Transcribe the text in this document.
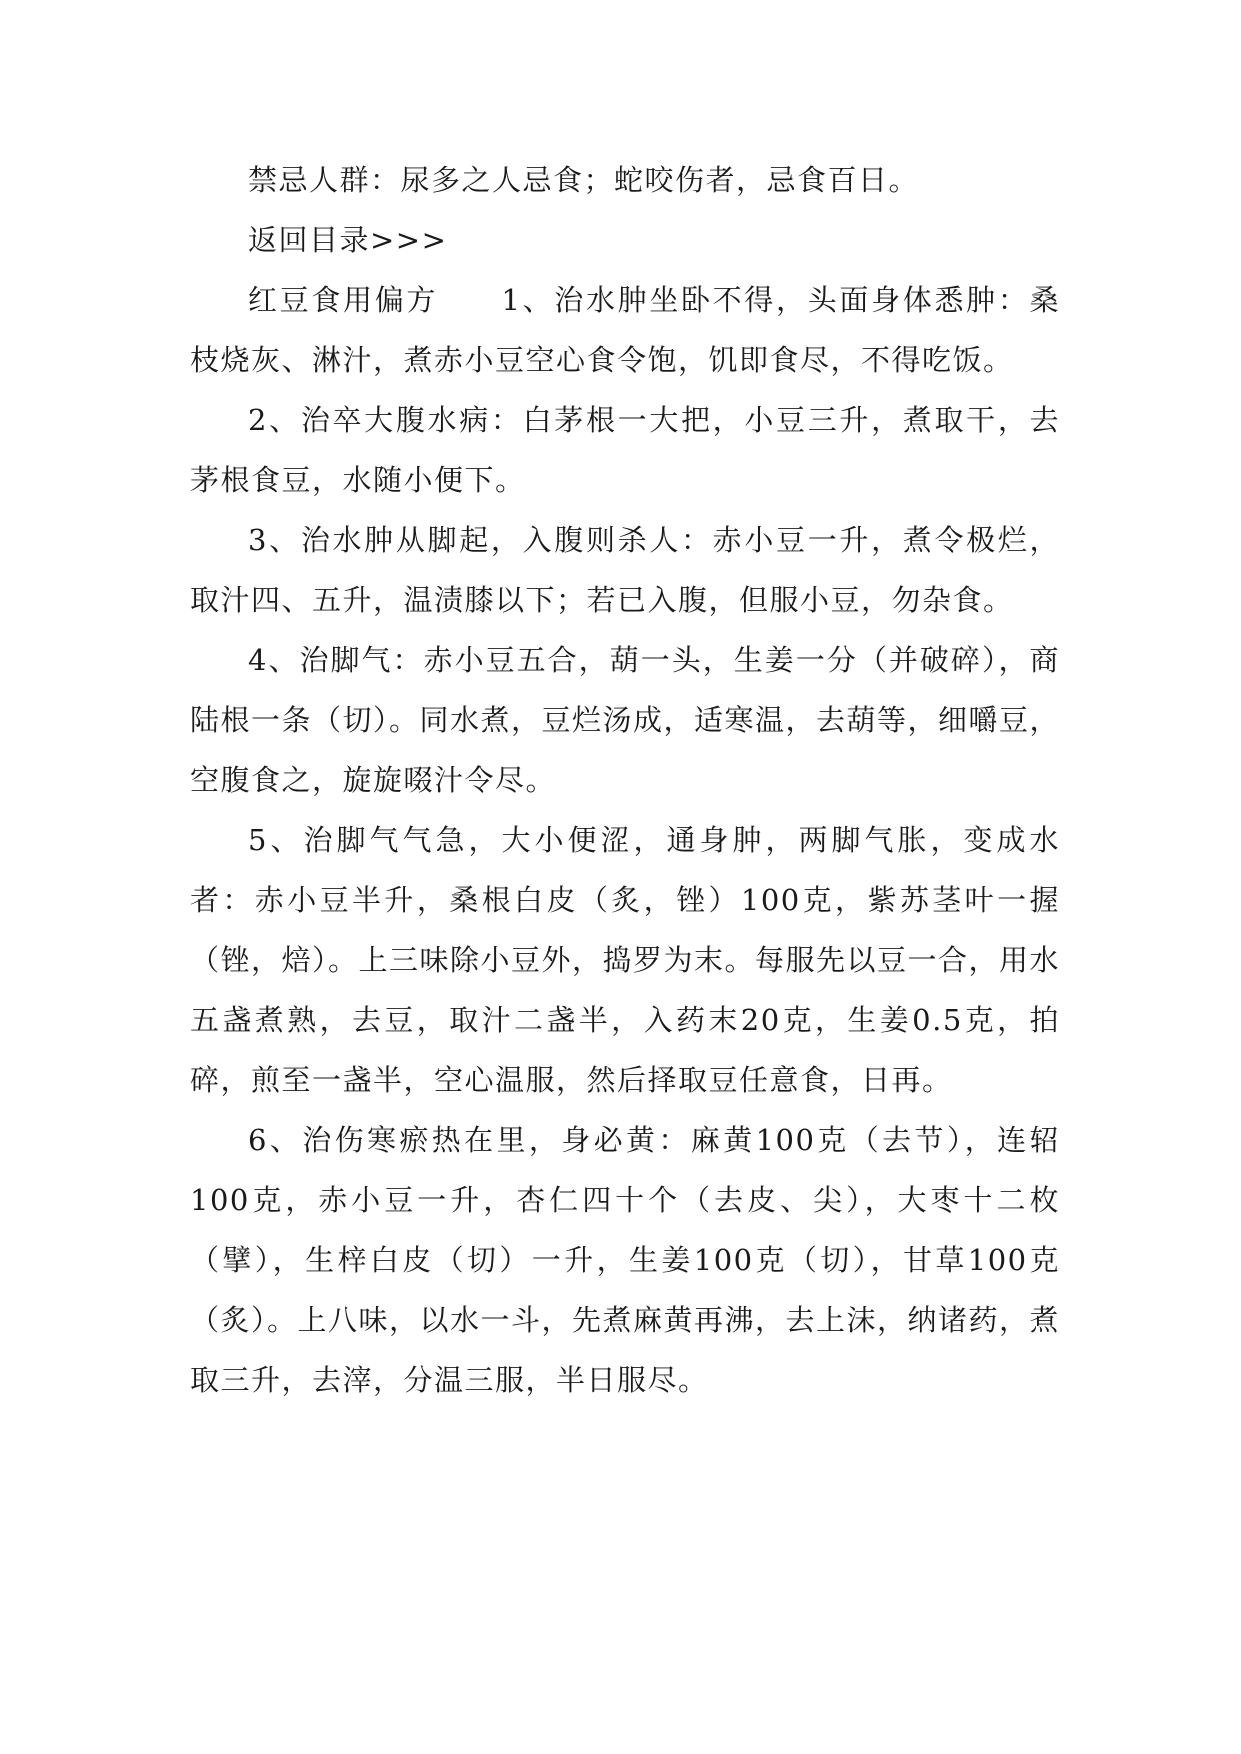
禁忌人群：尿多之人忌食；蛇咬伤者，忌食百日。

返回目录>>>

红豆食用偏方　　1、治水肿坐卧不得，头面身体悉肿：桑枝烧灰、淋汁，煮赤小豆空心食令饱，饥即食尽，不得吃饭。

2、治卒大腹水病：白茅根一大把，小豆三升，煮取干，去茅根食豆，水随小便下。

3、治水肿从脚起，入腹则杀人：赤小豆一升，煮令极烂，取汁四、五升，温渍膝以下；若已入腹，但服小豆，勿杂食。

4、治脚气：赤小豆五合，葫一头，生姜一分（并破碎），商陆根一条（切）。同水煮，豆烂汤成，适寒温，去葫等，细嚼豆，空腹食之，旋旋啜汁令尽。

5、治脚气气急，大小便涩，通身肿，两脚气胀，变成水者：赤小豆半升，桑根白皮（炙，锉）100克，紫苏茎叶一握（锉，焙）。上三味除小豆外，捣罗为末。每服先以豆一合，用水五盏煮熟，去豆，取汁二盏半，入药末20克，生姜0.5克，拍碎，煎至一盏半，空心温服，然后择取豆任意食，日再。

6、治伤寒瘀热在里，身必黄：麻黄100克（去节），连轺100克，赤小豆一升，杏仁四十个（去皮、尖），大枣十二枚（擘），生梓白皮（切）一升，生姜100克（切），甘草100克（炙）。上八味，以水一斗，先煮麻黄再沸，去上沫，纳诸药，煮取三升，去滓，分温三服，半日服尽。
